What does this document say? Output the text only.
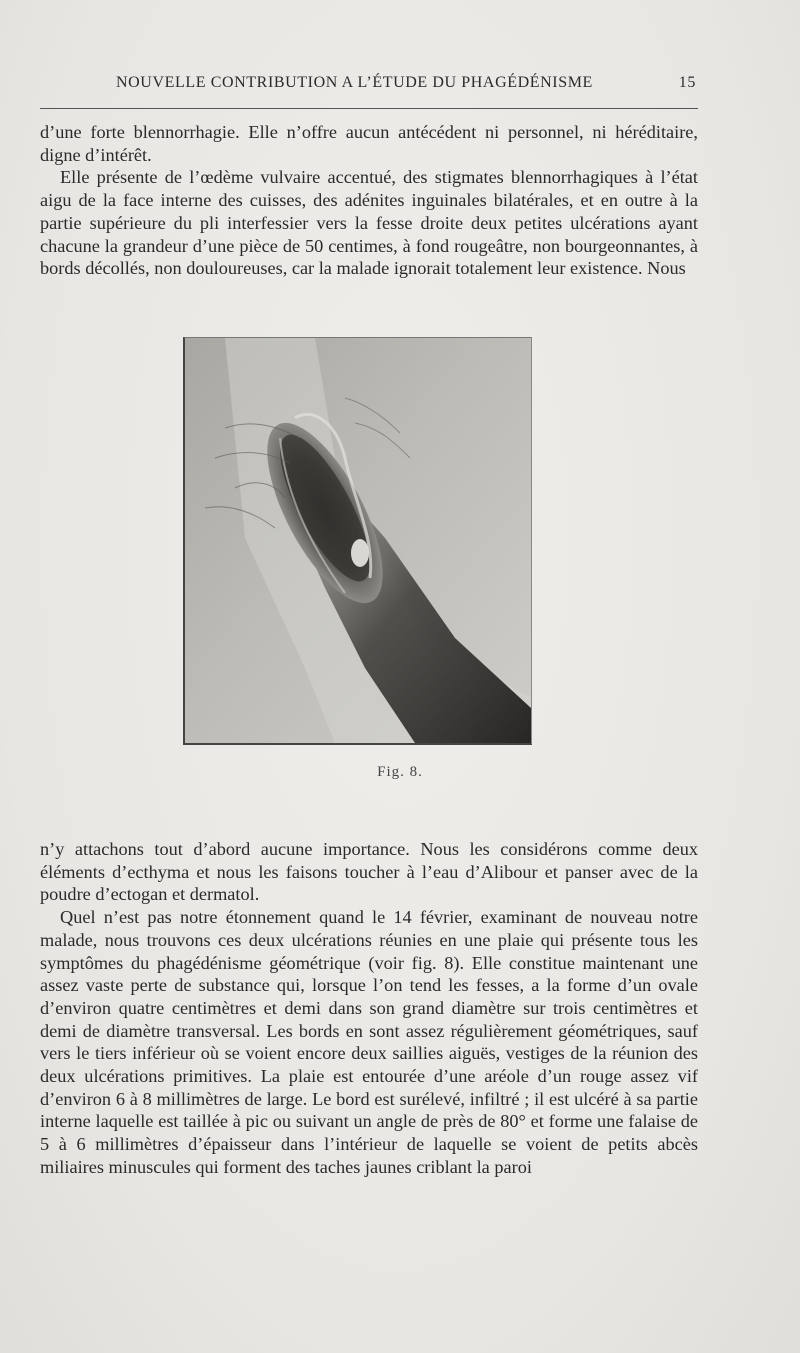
NOUVELLE CONTRIBUTION A L’ÉTUDE DU PHAGÉDÉNISME	15

d’une forte blennorrhagie. Elle n’offre aucun antécédent ni personnel, ni héréditaire, digne d’intérêt.

Elle présente de l’œdème vulvaire accentué, des stigmates blennorrhagiques à l’état aigu de la face interne des cuisses, des adénites inguinales bilatérales, et en outre à la partie supérieure du pli interfessier vers la fesse droite deux petites ulcérations ayant chacune la grandeur d’une pièce de 50 centimes, à fond rougeâtre, non bourgeonnantes, à bords décollés, non douloureuses, car la malade ignorait totalement leur existence. Nous

Fig. 8.

n’y attachons tout d’abord aucune importance. Nous les considérons comme deux éléments d’ecthyma et nous les faisons toucher à l’eau d’Alibour et panser avec de la poudre d’ectogan et dermatol.

Quel n’est pas notre étonnement quand le 14 février, examinant de nouveau notre malade, nous trouvons ces deux ulcérations réunies en une plaie qui présente tous les symptômes du phagédénisme géométrique (voir fig. 8). Elle constitue maintenant une assez vaste perte de substance qui, lorsque l’on tend les fesses, a la forme d’un ovale d’environ quatre centimètres et demi dans son grand diamètre sur trois centimètres et demi de diamètre transversal. Les bords en sont assez régulièrement géométriques, sauf vers le tiers inférieur où se voient encore deux saillies aiguës, vestiges de la réunion des deux ulcérations primitives. La plaie est entourée d’une aréole d’un rouge assez vif d’environ 6 à 8 millimètres de large. Le bord est surélevé, infiltré ; il est ulcéré à sa partie interne laquelle est taillée à pic ou suivant un angle de près de 80° et forme une falaise de 5 à 6 millimètres d’épaisseur dans l’intérieur de laquelle se voient de petits abcès miliaires minuscules qui forment des taches jaunes criblant la paroi
